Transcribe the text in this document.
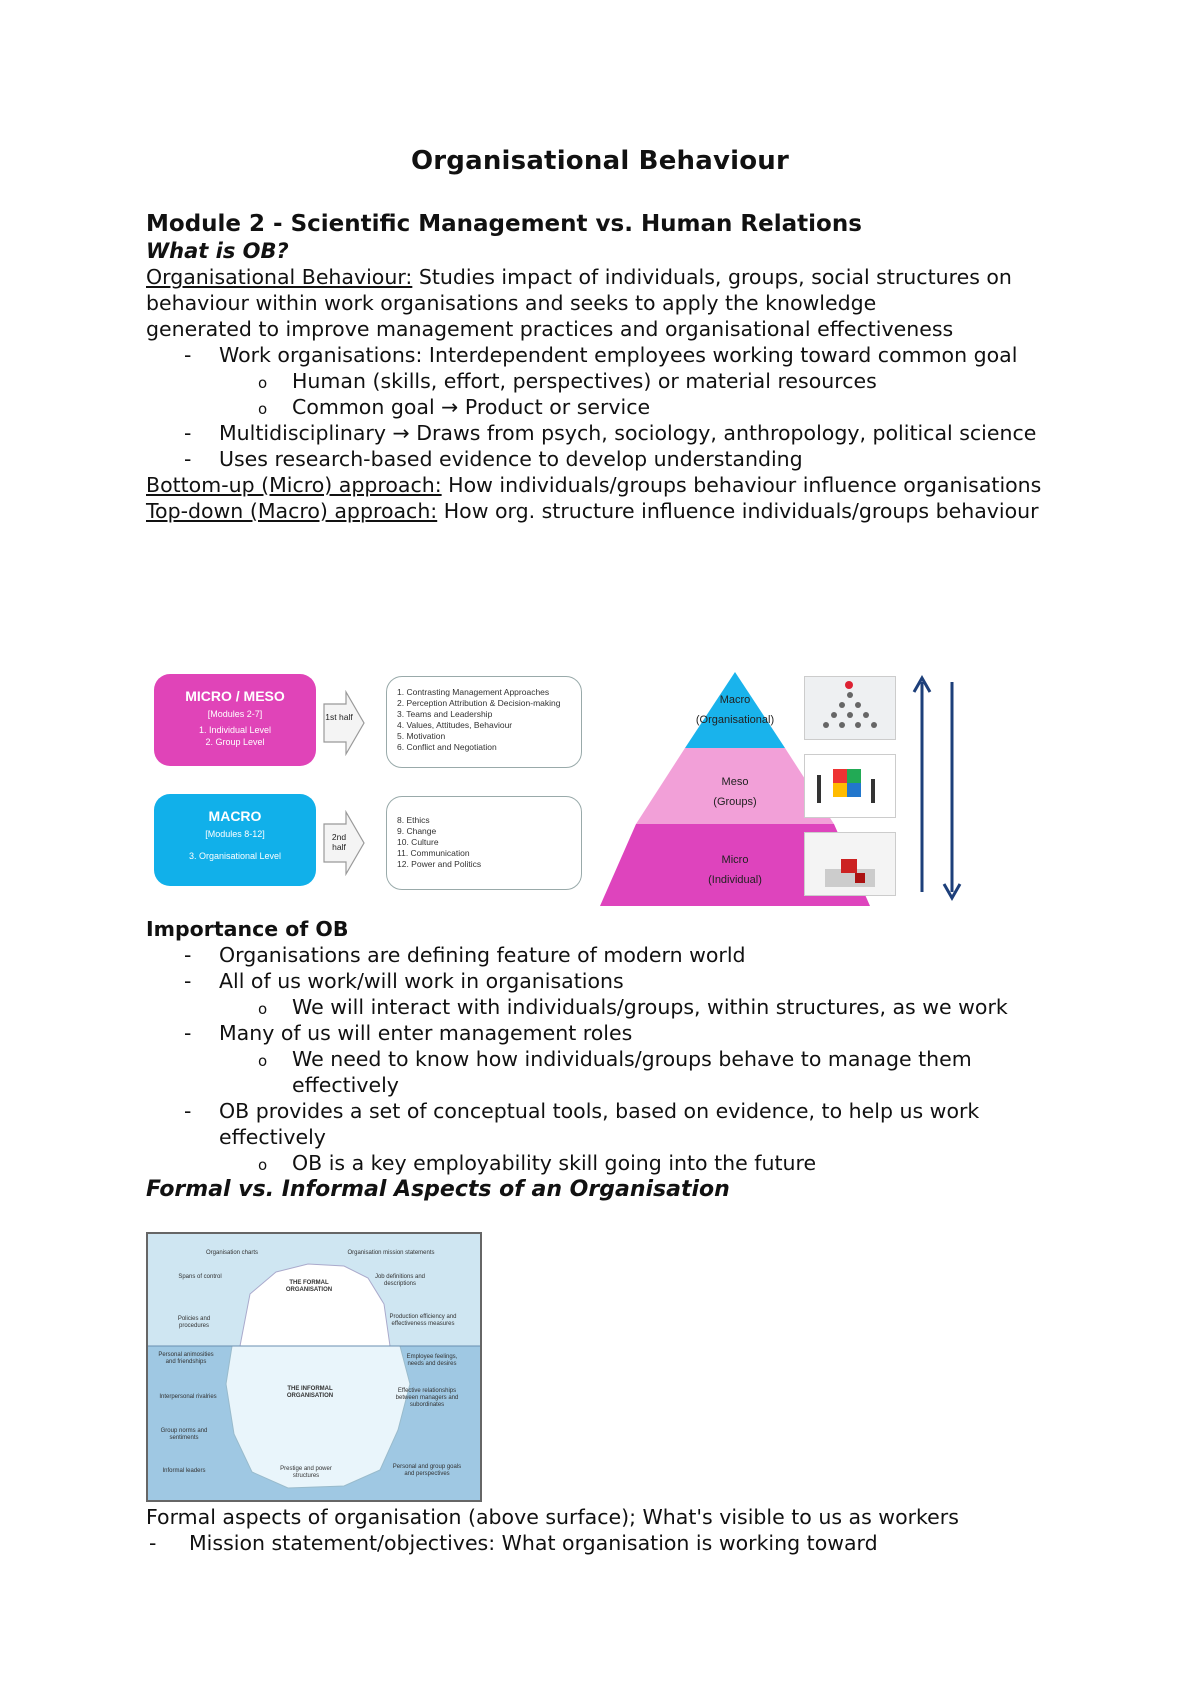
Organisational Behaviour

Module 2 - Scientific Management vs. Human Relations

What is OB?

Organisational Behaviour: Studies impact of individuals, groups, social structures on

behaviour within work organisations and seeks to apply the knowledge

generated to improve management practices and organisational effectiveness

- Work organisations: Interdependent employees working toward common goal

o Human (skills, effort, perspectives) or material resources

o Common goal → Product or service

- Multidisciplinary → Draws from psych, sociology, anthropology, political science

- Uses research-based evidence to develop understanding

Bottom-up (Micro) approach: How individuals/groups behaviour influence organisations

Top-down (Macro) approach: How org. structure influence individuals/groups behaviour

MICRO / MESO
[Modules 2-7]
1. Individual Level
2. Group Level
1st half
1. Contrasting Management Approaches
2. Perception Attribution & Decision-making
3. Teams and Leadership
4. Values, Attitudes, Behaviour
5. Motivation
6. Conflict and Negotiation
MACRO
[Modules 8-12]
3. Organisational Level
2nd half
8. Ethics
9. Change
10. Culture
11. Communication
12. Power and Politics
Macro
(Organisational)
Meso
(Groups)
Micro
(Individual)

Importance of OB

- Organisations are defining feature of modern world

- All of us work/will work in organisations

o We will interact with individuals/groups, within structures, as we work

- Many of us will enter management roles

o We need to know how individuals/groups behave to manage them effectively

- OB provides a set of conceptual tools, based on evidence, to help us work effectively

o OB is a key employability skill going into the future

Formal vs. Informal Aspects of an Organisation

Organisation charts	Organisation mission statements
Spans of control
THE FORMAL ORGANISATION
Job definitions and descriptions
Policies and procedures
Production efficiency and effectiveness measures
Personal animosities and friendships
THE INFORMAL ORGANISATION
Employee feelings, needs and desires
Interpersonal rivalries
Effective relationships between managers and subordinates
Group norms and sentiments
Informal leaders	Prestige and power structures
Personal and group goals and perspectives

Formal aspects of organisation (above surface); What's visible to us as workers

- Mission statement/objectives: What organisation is working toward
